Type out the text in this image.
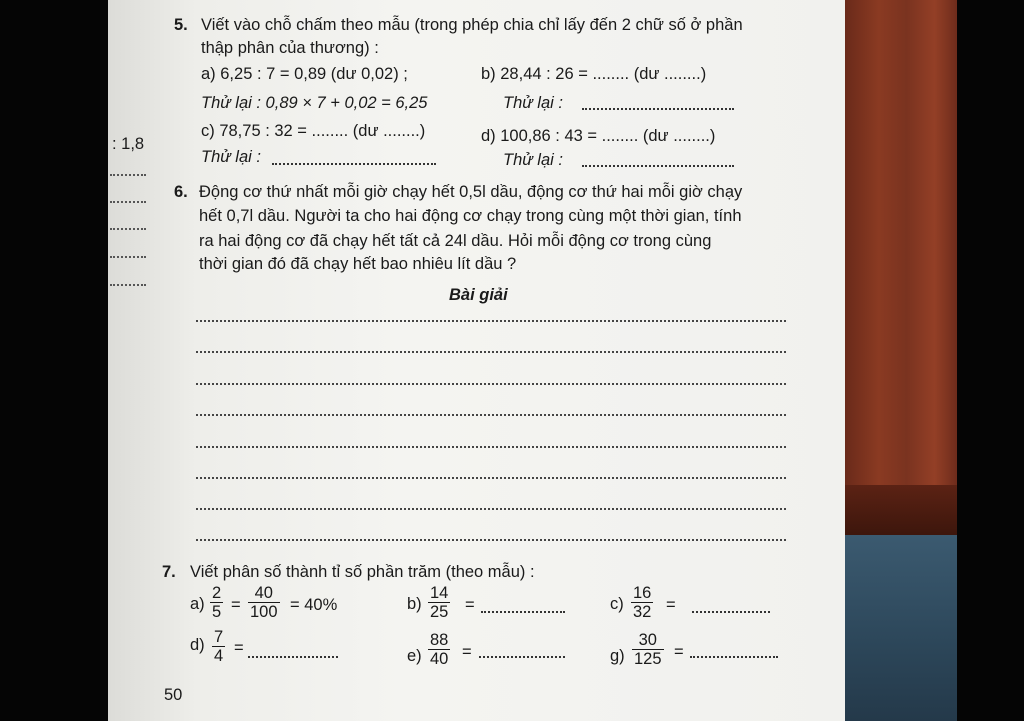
: 1,8
5. Viết vào chỗ chấm theo mẫu (trong phép chia chỉ lấy đến 2 chữ số ở phần
thập phân của thương) :
a) 6,25 : 7 = 0,89 (dư 0,02) ;	b) 28,44 : 26 = ........ (dư ........)
Thử lại : 0,89 × 7 + 0,02 = 6,25	Thử lại :
c) 78,75 : 32 = ........ (dư ........)	d) 100,86 : 43 = ........ (dư ........)
Thử lại :	Thử lại :
6. Động cơ thứ nhất mỗi giờ chạy hết 0,5l dầu, động cơ thứ hai mỗi giờ chạy
hết 0,7l dầu. Người ta cho hai động cơ chạy trong cùng một thời gian, tính
ra hai động cơ đã chạy hết tất cả 24l dầu. Hỏi mỗi động cơ trong cùng
thời gian đó đã chạy hết bao nhiêu lít dầu ?
Bài giải
7. Viết phân số thành tỉ số phần trăm (theo mẫu) :
$a) \frac{2}{5} = \frac{40}{100} = 40\%$	$b) \frac{14}{25}$ =	$c) \frac{16}{32}$ =
$d) \frac{7}{4}$ =	$e) \frac{88}{40}$ =	$g) \frac{30}{125}$ =
50
